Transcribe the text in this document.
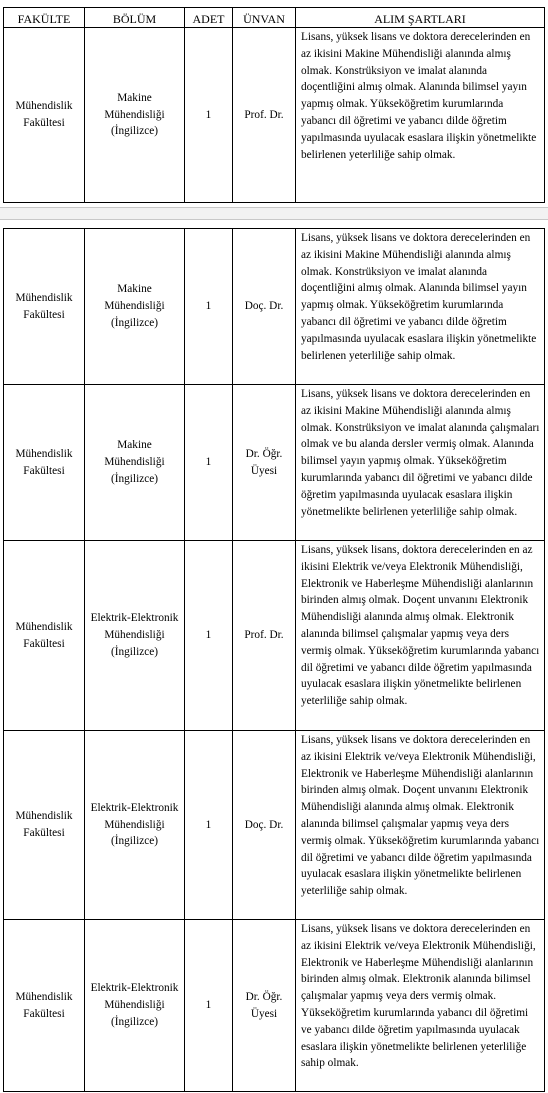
FAKÜLTE	BÖLÜM	ADET	ÜNVAN	ALIM ŞARTLARI
Mühendislik Fakültesi	Makine Mühendisliği (İngilizce)	1	Prof. Dr.	Lisans, yüksek lisans ve doktora derecelerinden en az ikisini Makine Mühendisliği alanında almış olmak. Konstrüksiyon ve imalat alanında doçentliğini almış olmak. Alanında bilimsel yayın yapmış olmak. Yükseköğretim kurumlarında yabancı dil öğretimi ve yabancı dilde öğretim yapılmasında uyulacak esaslara ilişkin yönetmelikte belirlenen yeterliliğe sahip olmak.
Mühendislik Fakültesi	Makine Mühendisliği (İngilizce)	1	Doç. Dr.	Lisans, yüksek lisans ve doktora derecelerinden en az ikisini Makine Mühendisliği alanında almış olmak. Konstrüksiyon ve imalat alanında doçentliğini almış olmak. Alanında bilimsel yayın yapmış olmak. Yükseköğretim kurumlarında yabancı dil öğretimi ve yabancı dilde öğretim yapılmasında uyulacak esaslara ilişkin yönetmelikte belirlenen yeterliliğe sahip olmak.
Mühendislik Fakültesi	Makine Mühendisliği (İngilizce)	1	Dr. Öğr. Üyesi	Lisans, yüksek lisans ve doktora derecelerinden en az ikisini Makine Mühendisliği alanında almış olmak. Konstrüksiyon ve imalat alanında çalışmaları olmak ve bu alanda dersler vermiş olmak. Alanında bilimsel yayın yapmış olmak. Yükseköğretim kurumlarında yabancı dil öğretimi ve yabancı dilde öğretim yapılmasında uyulacak esaslara ilişkin yönetmelikte belirlenen yeterliliğe sahip olmak.
Mühendislik Fakültesi	Elektrik-Elektronik Mühendisliği (İngilizce)	1	Prof. Dr.	Lisans, yüksek lisans, doktora derecelerinden en az ikisini Elektrik ve/veya Elektronik Mühendisliği, Elektronik ve Haberleşme Mühendisliği alanlarının birinden almış olmak. Doçent unvanını Elektronik Mühendisliği alanında almış olmak. Elektronik alanında bilimsel çalışmalar yapmış veya ders vermiş olmak. Yükseköğretim kurumlarında yabancı dil öğretimi ve yabancı dilde öğretim yapılmasında uyulacak esaslara ilişkin yönetmelikte belirlenen yeterliliğe sahip olmak.
Mühendislik Fakültesi	Elektrik-Elektronik Mühendisliği (İngilizce)	1	Doç. Dr.	Lisans, yüksek lisans ve doktora derecelerinden en az ikisini Elektrik ve/veya Elektronik Mühendisliği, Elektronik ve Haberleşme Mühendisliği alanlarının birinden almış olmak. Doçent unvanını Elektronik Mühendisliği alanında almış olmak. Elektronik alanında bilimsel çalışmalar yapmış veya ders vermiş olmak. Yükseköğretim kurumlarında yabancı dil öğretimi ve yabancı dilde öğretim yapılmasında uyulacak esaslara ilişkin yönetmelikte belirlenen yeterliliğe sahip olmak.
Mühendislik Fakültesi	Elektrik-Elektronik Mühendisliği (İngilizce)	1	Dr. Öğr. Üyesi	Lisans, yüksek lisans ve doktora derecelerinden en az ikisini Elektrik ve/veya Elektronik Mühendisliği, Elektronik ve Haberleşme Mühendisliği alanlarının birinden almış olmak. Elektronik alanında bilimsel çalışmalar yapmış veya ders vermiş olmak. Yükseköğretim kurumlarında yabancı dil öğretimi ve yabancı dilde öğretim yapılmasında uyulacak esaslara ilişkin yönetmelikte belirlenen yeterliliğe sahip olmak.
